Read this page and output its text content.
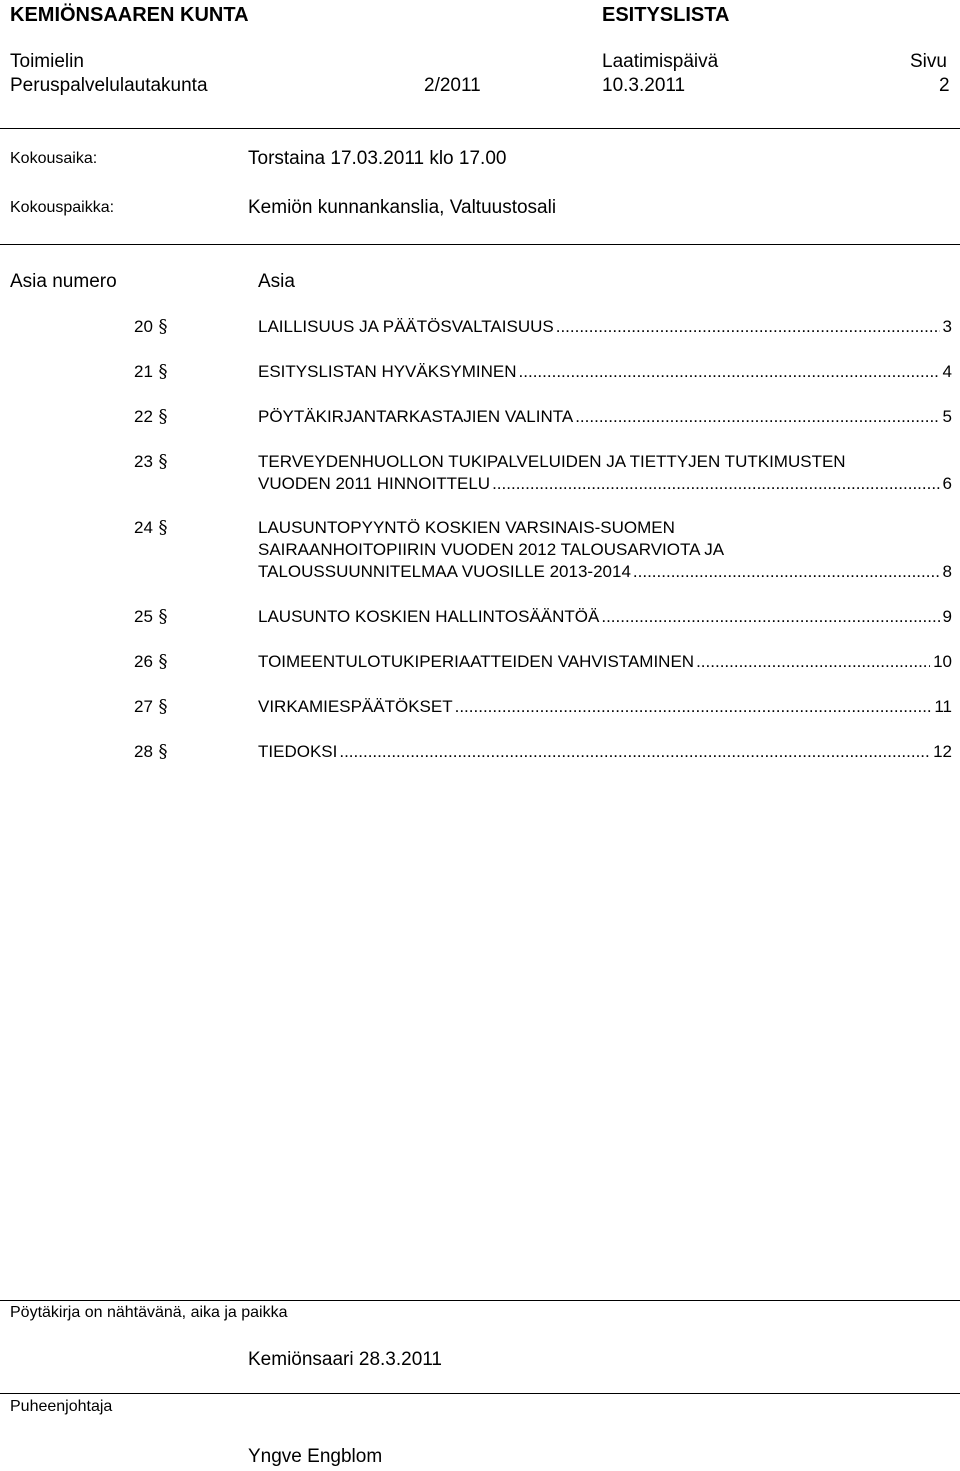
KEMIÖNSAAREN KUNTA	ESITYSLISTA
Toimielin	Laatimispäivä	Sivu
Peruspalvelulautakunta	2/2011	10.3.2011	2
Kokousaika:	Torstaina 17.03.2011 klo 17.00
Kokouspaikka:	Kemiön kunnankanslia, Valtuustosali
Asia numero	Asia
20 §	LAILLISUUS JA PÄÄTÖSVALTAISUUS .....	3
21 §	ESITYSLISTAN HYVÄKSYMINEN .....	4
22 §	PÖYTÄKIRJANTARKASTAJIEN VALINTA .....	5
23 §	TERVEYDENHUOLLON TUKIPALVELUIDEN JA TIETTYJEN TUTKIMUSTEN
VUODEN 2011 HINNOITTELU .....	6
24 §	LAUSUNTOPYYNTÖ KOSKIEN VARSINAIS-SUOMEN
SAIRAANHOITOPIIRIN VUODEN 2012 TALOUSARVIOTA JA
TALOUSSUUNNITELMAA VUOSILLE 2013-2014 .....	8
25 §	LAUSUNTO KOSKIEN HALLINTOSÄÄNTÖÄ .....	9
26 §	TOIMEENTULOTUKIPERIAATTEIDEN VAHVISTAMINEN .....	10
27 §	VIRKAMIESPÄÄTÖKSET .....	11
28 §	TIEDOKSI .....	12
Pöytäkirja on nähtävänä, aika ja paikka
Kemiönsaari 28.3.2011
Puheenjohtaja
Yngve Engblom
